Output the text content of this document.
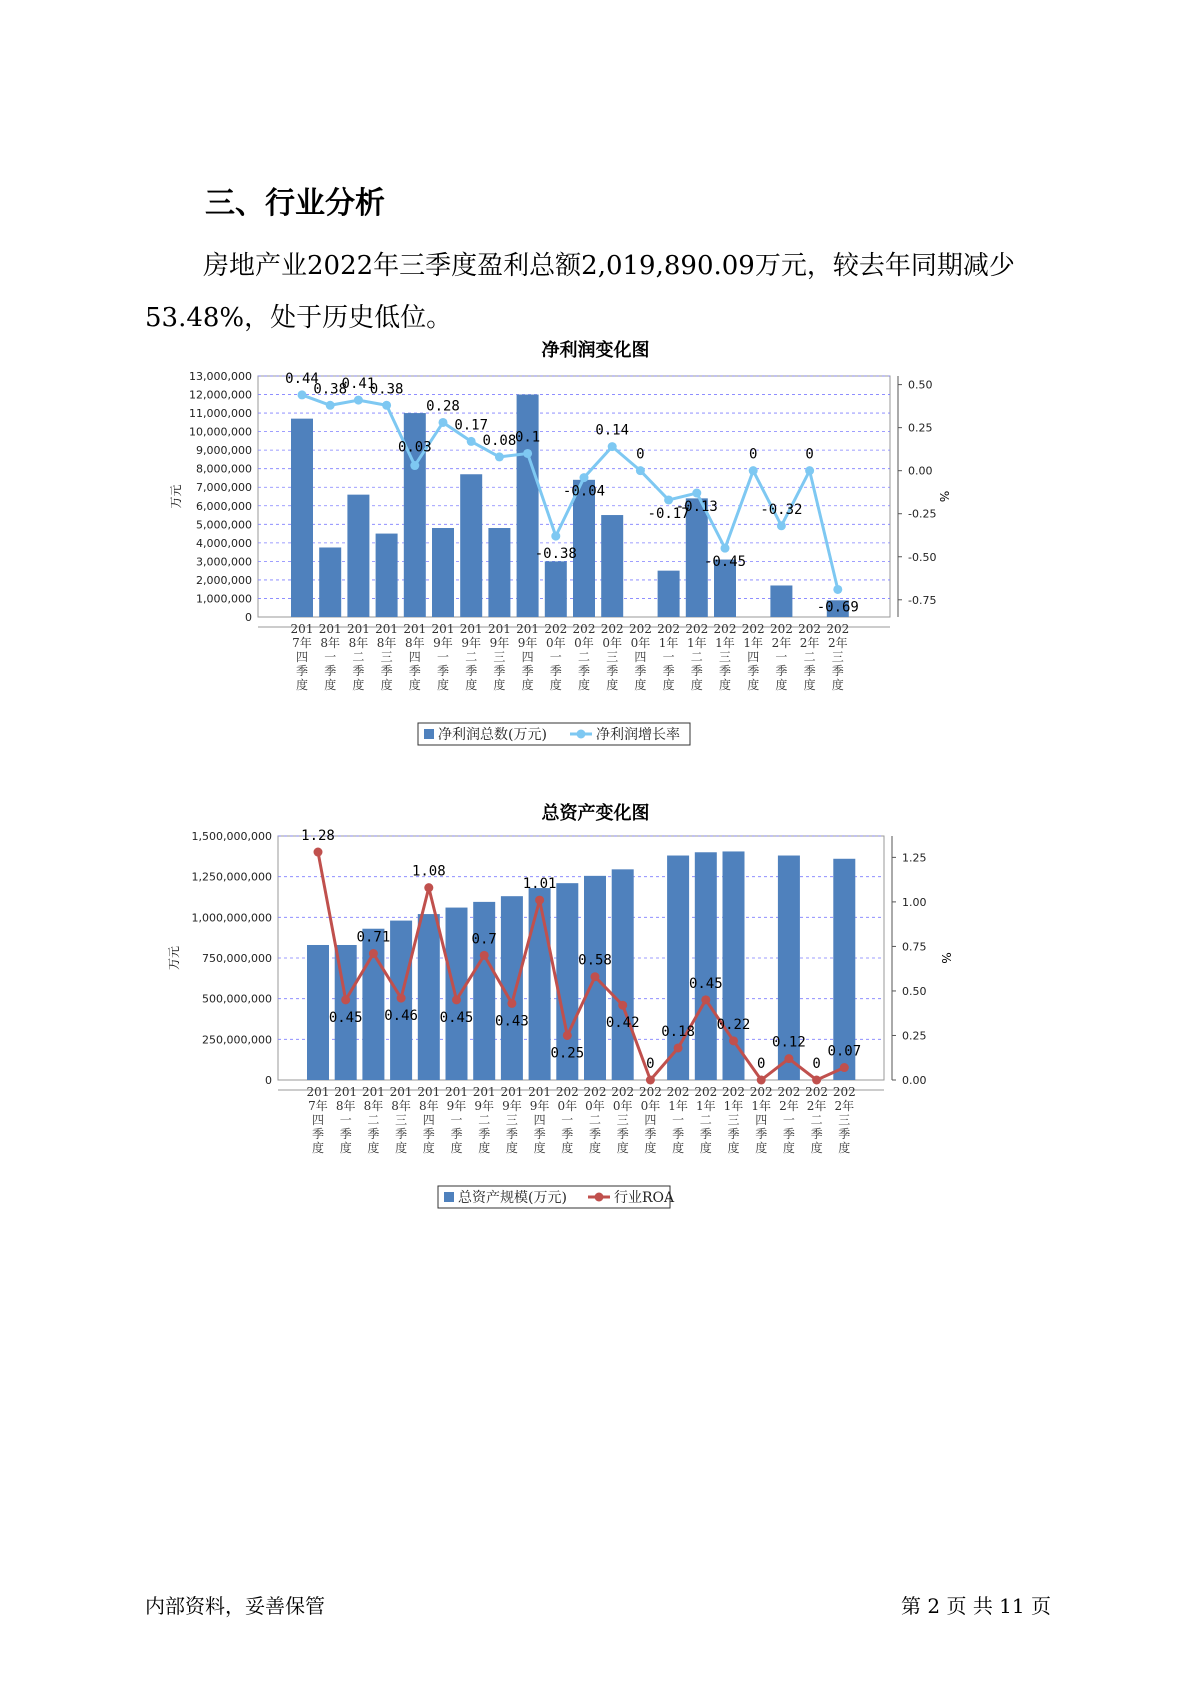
三、行业分析

房地产业2022年三季度盈利总额2,019,890.09万元，较去年同期减少53.48%，处于历史低位。

净利润变化图
0
1,000,000
2,000,000
3,000,000
4,000,000
5,000,000
6,000,000
7,000,000
8,000,000
9,000,000
10,000,000
11,000,000
12,000,000
13,000,000
-0.75
-0.50
-0.25
0.00
0.25
0.50
万元	%
201
7年
四
季
度
201
8年
一
季
度
201
8年
二
季
度
201
8年
三
季
度
201
8年
四
季
度
201
9年
一
季
度
201
9年
二
季
度
201
9年
三
季
度
201
9年
四
季
度
202
0年
一
季
度
202
0年
二
季
度
202
0年
三
季
度
202
0年
四
季
度
202
1年
一
季
度
202
1年
二
季
度
202
1年
三
季
度
202
1年
四
季
度
202
2年
一
季
度
202
2年
二
季
度
202
2年
三
季
度
0.44
0.38
0.41
0.38
0.03
0.28
0.17
0.08
0.1
-0.38
-0.04
0.14
0
-0.17
-0.13
-0.45
0
-0.32
0
-0.69
净利润总数(万元)	净利润增长率
总资产变化图
0
250,000,000
500,000,000
750,000,000
1,000,000,000
1,250,000,000
1,500,000,000
0.00
0.25
0.50
0.75
1.00
1.25
万元	%
201
7年
四
季
度
201
8年
一
季
度
201
8年
二
季
度
201
8年
三
季
度
201
8年
四
季
度
201
9年
一
季
度
201
9年
二
季
度
201
9年
三
季
度
201
9年
四
季
度
202
0年
一
季
度
202
0年
二
季
度
202
0年
三
季
度
202
0年
四
季
度
202
1年
一
季
度
202
1年
二
季
度
202
1年
三
季
度
202
1年
四
季
度
202
2年
一
季
度
202
2年
二
季
度
202
2年
三
季
度
1.28
0.45
0.71
0.46
1.08
0.45
0.7
0.43
1.01
0.25
0.58
0.42
0
0.18
0.45
0.22
0
0.12
0
0.07
总资产规模(万元)	行业ROA
内部资料，妥善保管	第 2 页 共 11 页
